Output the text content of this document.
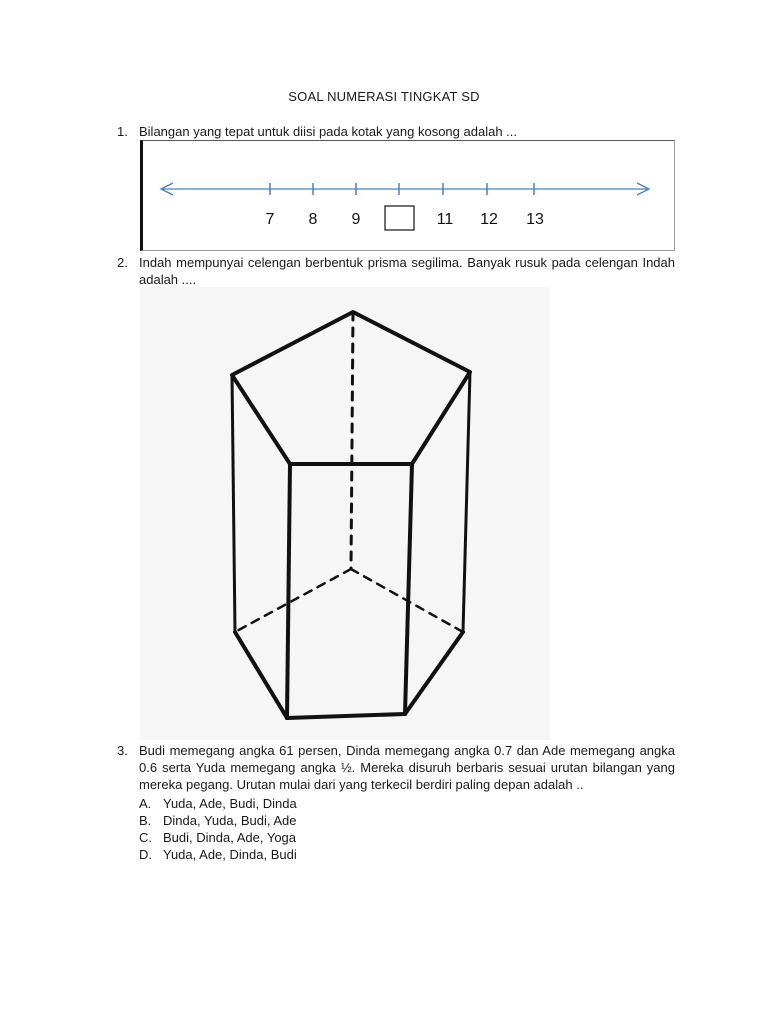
SOAL NUMERASI TINGKAT SD
1. Bilangan yang tepat untuk diisi pada kotak yang kosong adalah ...
7 8 9	11 12 13
2. Indah mempunyai celengan berbentuk prisma segilima. Banyak rusuk pada celengan Indah adalah ....
3. Budi memegang angka 61 persen, Dinda memegang angka 0.7 dan Ade memegang angka 0.6 serta Yuda memegang angka ½. Mereka disuruh berbaris sesuai urutan bilangan yang mereka pegang. Urutan mulai dari yang terkecil berdiri paling depan adalah ..
A. Yuda, Ade, Budi, Dinda
B. Dinda, Yuda, Budi, Ade
C. Budi, Dinda, Ade, Yoga
D. Yuda, Ade, Dinda, Budi
